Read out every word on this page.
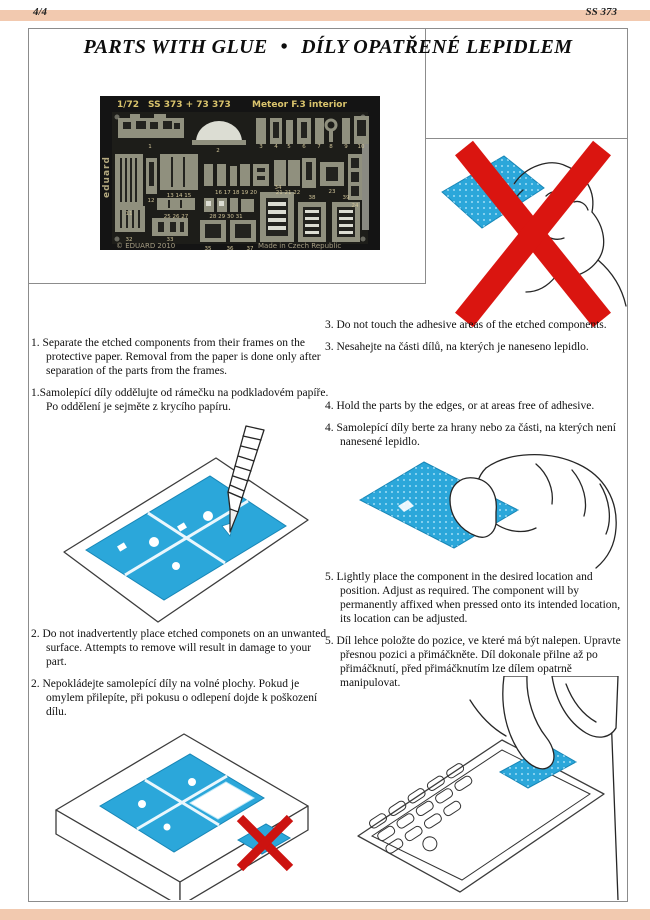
4/4	SS 373
PARTS WITH GLUE • DÍLY OPATŘENÉ LEPIDLEM
1/72 SS 373 + 73 373 Meteor F.3 interior
eduard
1
2
3 4 5 6 7 8 9 10
11
12
13 14 15	16 17 18 19 20	21 21 22	23
24
25 26 27	28 29 30 31
32	33
34
35	36 37
38	39
© EDUARD 2010	Made in Czech Republic

1. Separate the etched components from their frames on the protective paper. Removal from the paper is done only after separation of the parts from the frames.

1.Samolepící díly oddělujte od rámečku na podkladovém papíře. Po oddělení je sejměte z krycího papíru.

3. Do not touch the adhesive areas of the etched components.

3. Nesahejte na části dílů, na kterých je naneseno lepidlo.

4. Hold the parts by the edges, or at areas free of adhesive.

4. Samolepící díly berte za hrany nebo za části, na kterých není nanesené lepidlo.

5. Lightly place the component in the desired location and position. Adjust as required. The component will by permanently affixed when pressed onto its intended location, its location can be adjusted.

5. Díl lehce položte do pozice, ve které má být nalepen. Upravte přesnou pozici a přimáčkněte. Díl dokonale přilne až po přimáčknutí, před přimáčknutím lze dílem opatrně manipulovat.

2. Do not inadvertently place etched componets on an unwanted surface. Attempts to remove will result in damage to your part.

2. Nepokládejte samolepící díly na volné plochy. Pokud je omylem přilepíte, při pokusu o odlepení dojde k poškození dílu.
